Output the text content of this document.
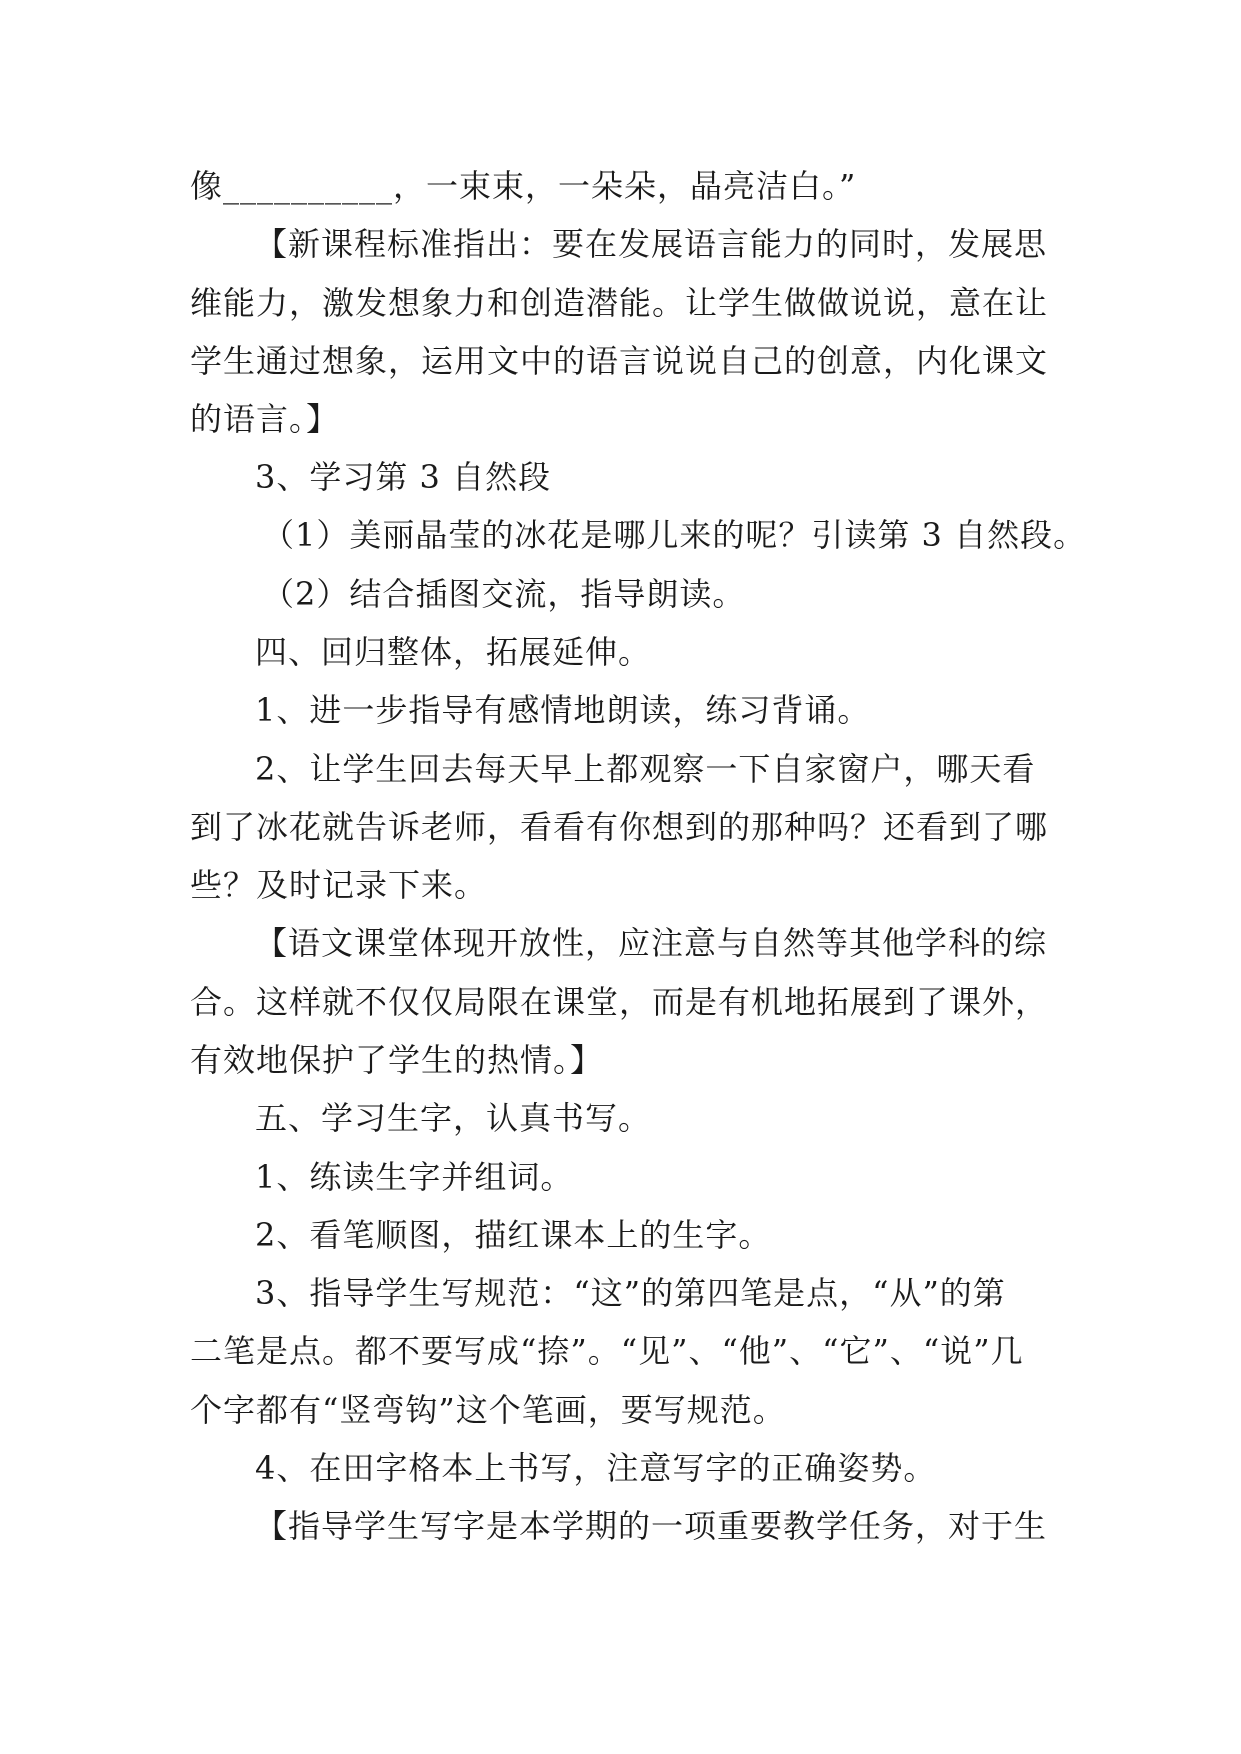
像__________，一束束，一朵朵，晶亮洁白。”
【新课程标准指出：要在发展语言能力的同时，发展思
维能力，激发想象力和创造潜能。让学生做做说说，意在让
学生通过想象，运用文中的语言说说自己的创意，内化课文
的语言。】
3、学习第 3 自然段
（1）美丽晶莹的冰花是哪儿来的呢？引读第 3 自然段。
（2）结合插图交流，指导朗读。
四、回归整体，拓展延伸。
1、进一步指导有感情地朗读，练习背诵。
2、让学生回去每天早上都观察一下自家窗户，哪天看
到了冰花就告诉老师，看看有你想到的那种吗？还看到了哪
些？及时记录下来。
【语文课堂体现开放性，应注意与自然等其他学科的综
合。这样就不仅仅局限在课堂，而是有机地拓展到了课外，
有效地保护了学生的热情。】
五、学习生字，认真书写。
1、练读生字并组词。
2、看笔顺图，描红课本上的生字。
3、指导学生写规范：“这”的第四笔是点，“从”的第
二笔是点。都不要写成“捺”。“见”、“他”、“它”、“说”几
个字都有“竖弯钩”这个笔画，要写规范。
4、在田字格本上书写，注意写字的正确姿势。
【指导学生写字是本学期的一项重要教学任务，对于生
